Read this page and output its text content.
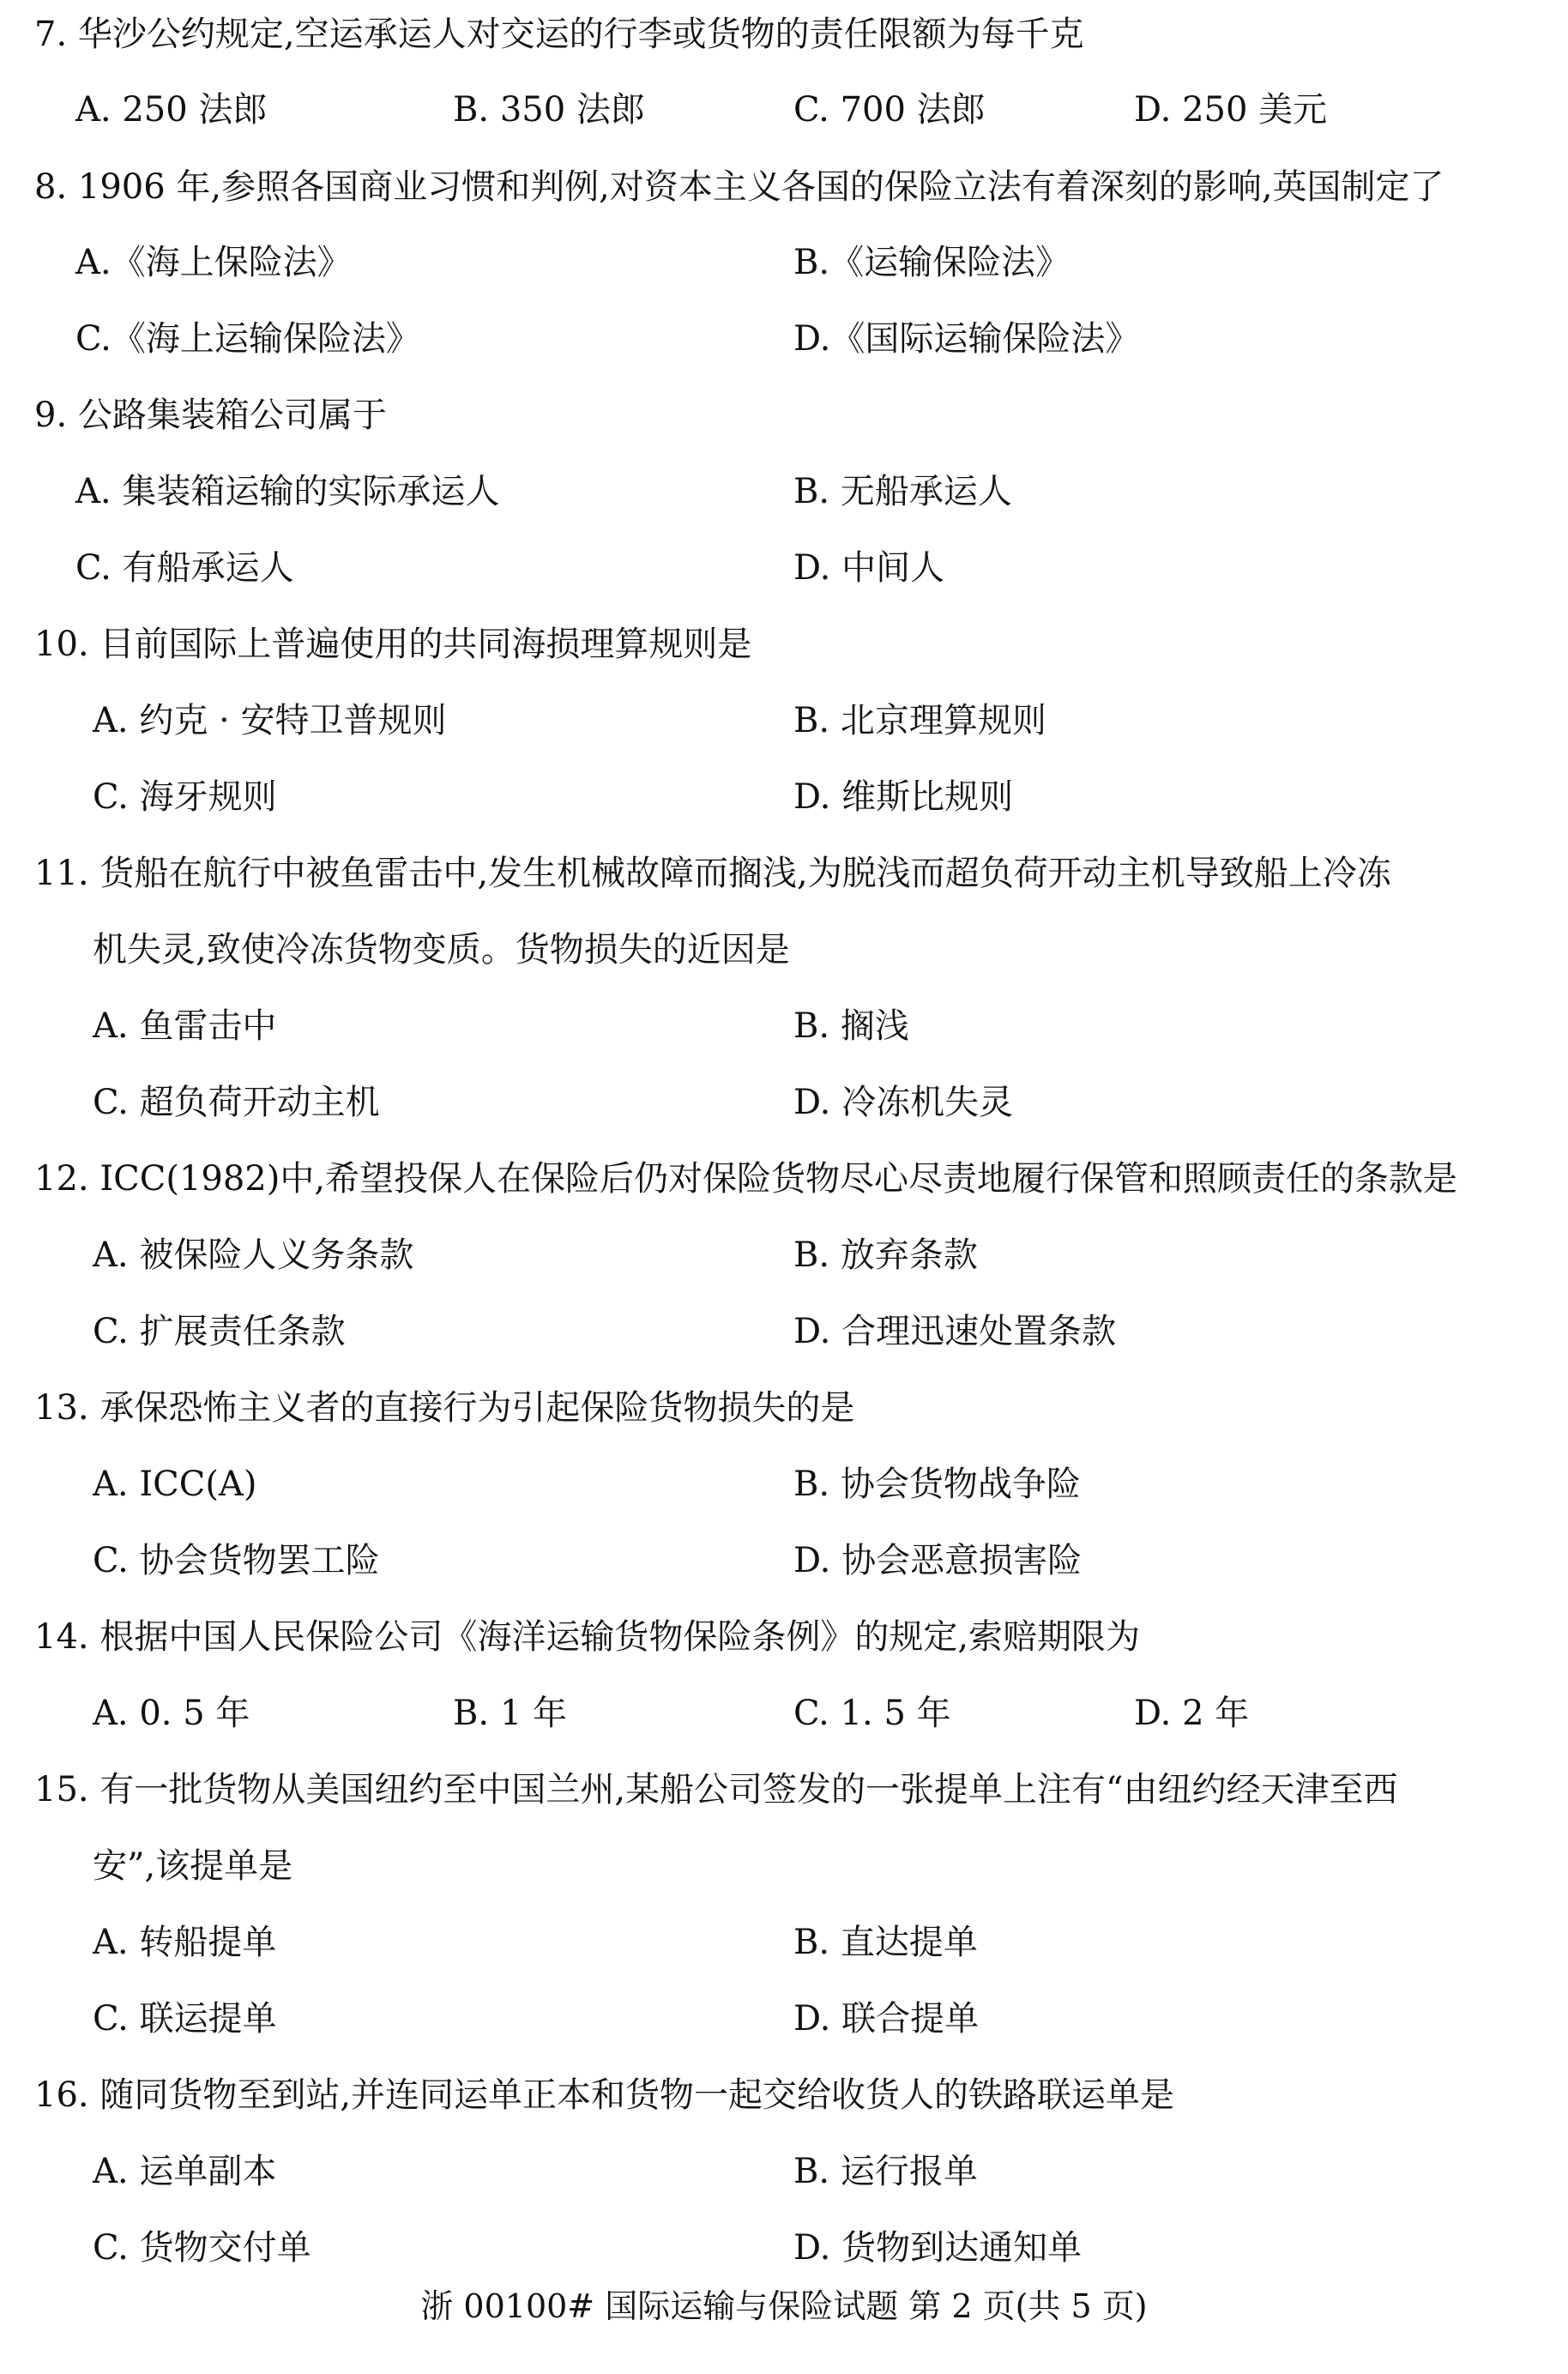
7. 华沙公约规定,空运承运人对交运的行李或货物的责任限额为每千克
A. 250 法郎	B. 350 法郎	C. 700 法郎	D. 250 美元
8. 1906 年,参照各国商业习惯和判例,对资本主义各国的保险立法有着深刻的影响,英国制定了
A.《海上保险法》	B.《运输保险法》
C.《海上运输保险法》	D.《国际运输保险法》
9. 公路集装箱公司属于
A. 集装箱运输的实际承运人	B. 无船承运人
C. 有船承运人	D. 中间人
10. 目前国际上普遍使用的共同海损理算规则是
A. 约克 · 安特卫普规则	B. 北京理算规则
C. 海牙规则	D. 维斯比规则
11. 货船在航行中被鱼雷击中,发生机械故障而搁浅,为脱浅而超负荷开动主机导致船上冷冻
机失灵,致使冷冻货物变质。货物损失的近因是
A. 鱼雷击中	B. 搁浅
C. 超负荷开动主机	D. 冷冻机失灵
12. ICC(1982)中,希望投保人在保险后仍对保险货物尽心尽责地履行保管和照顾责任的条款是
A. 被保险人义务条款	B. 放弃条款
C. 扩展责任条款	D. 合理迅速处置条款
13. 承保恐怖主义者的直接行为引起保险货物损失的是
A. ICC(A)	B. 协会货物战争险
C. 协会货物罢工险	D. 协会恶意损害险
14. 根据中国人民保险公司《海洋运输货物保险条例》的规定,索赔期限为
A. 0. 5 年	B. 1 年	C. 1. 5 年	D. 2 年
15. 有一批货物从美国纽约至中国兰州,某船公司签发的一张提单上注有“由纽约经天津至西
安”,该提单是
A. 转船提单	B. 直达提单
C. 联运提单	D. 联合提单
16. 随同货物至到站,并连同运单正本和货物一起交给收货人的铁路联运单是
A. 运单副本	B. 运行报单
C. 货物交付单	D. 货物到达通知单
浙 00100# 国际运输与保险试题 第 2 页(共 5 页)
